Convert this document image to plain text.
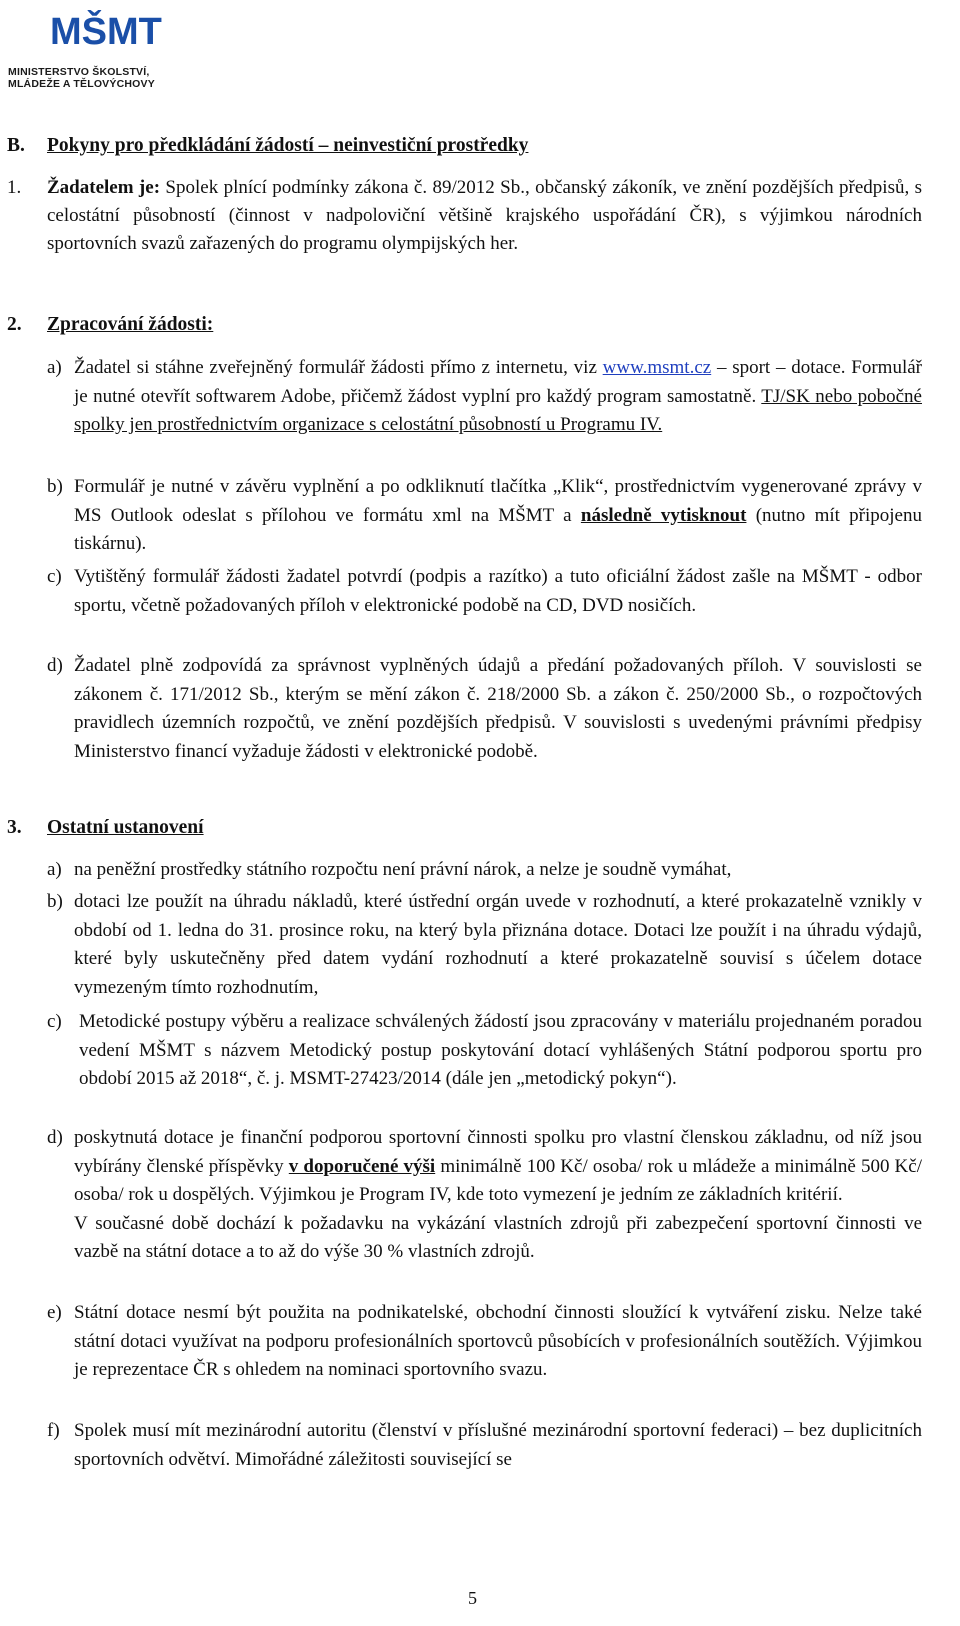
MŠMT
MINISTERSTVO ŠKOLSTVÍ,
MLÁDEŽE A TĚLOVÝCHOVY
B. Pokyny pro předkládání žádostí – neinvestiční prostředky
1.	Žadatelem je: Spolek plnící podmínky zákona č. 89/2012 Sb., občanský zákoník, ve znění pozdějších předpisů, s celostátní působností (činnost v nadpoloviční většině krajského uspořádání ČR), s výjimkou národních sportovních svazů zařazených do programu olympijských her.
2. Zpracování žádosti:
a) Žadatel si stáhne zveřejněný formulář žádosti přímo z internetu, viz www.msmt.cz – sport – dotace. Formulář je nutné otevřít softwarem Adobe, přičemž žádost vyplní pro každý program samostatně. TJ/SK nebo pobočné spolky jen prostřednictvím organizace s celostátní působností u Programu IV.
b) Formulář je nutné v závěru vyplnění a po odkliknutí tlačítka „Klik“, prostřednictvím vygenerované zprávy v MS Outlook odeslat s přílohou ve formátu xml na MŠMT a následně vytisknout (nutno mít připojenu tiskárnu).
c) Vytištěný formulář žádosti žadatel potvrdí (podpis a razítko) a tuto oficiální žádost zašle na MŠMT - odbor sportu, včetně požadovaných příloh v elektronické podobě na CD, DVD nosičích.
d) Žadatel plně zodpovídá za správnost vyplněných údajů a předání požadovaných příloh. V souvislosti se zákonem č. 171/2012 Sb., kterým se mění zákon č. 218/2000 Sb. a zákon č. 250/2000 Sb., o rozpočtových pravidlech územních rozpočtů, ve znění pozdějších předpisů. V souvislosti s uvedenými právními předpisy Ministerstvo financí vyžaduje žádosti v elektronické podobě.
3. Ostatní ustanovení
a) na peněžní prostředky státního rozpočtu není právní nárok, a nelze je soudně vymáhat,
b) dotaci lze použít na úhradu nákladů, které ústřední orgán uvede v rozhodnutí, a které prokazatelně vznikly v období od 1. ledna do 31. prosince roku, na který byla přiznána dotace. Dotaci lze použít i na úhradu výdajů, které byly uskutečněny před datem vydání rozhodnutí a které prokazatelně souvisí s účelem dotace vymezeným tímto rozhodnutím,
c) Metodické postupy výběru a realizace schválených žádostí jsou zpracovány v materiálu projednaném poradou vedení MŠMT s názvem Metodický postup poskytování dotací vyhlášených Státní podporou sportu pro období 2015 až 2018“, č. j. MSMT-27423/2014 (dále jen „metodický pokyn“).
d) poskytnutá dotace je finanční podporou sportovní činnosti spolku pro vlastní členskou základnu, od níž jsou vybírány členské příspěvky v doporučené výši minimálně 100 Kč/ osoba/ rok u mládeže a minimálně 500 Kč/ osoba/ rok u dospělých. Výjimkou je Program IV, kde toto vymezení je jedním ze základních kritérií.
V současné době dochází k požadavku na vykázání vlastních zdrojů při zabezpečení sportovní činnosti ve vazbě na státní dotace a to až do výše 30 % vlastních zdrojů.
e) Státní dotace nesmí být použita na podnikatelské, obchodní činnosti sloužící k vytváření zisku. Nelze také státní dotaci využívat na podporu profesionálních sportovců působících v profesionálních soutěžích. Výjimkou je reprezentace ČR s ohledem na nominaci sportovního svazu.
f) Spolek musí mít mezinárodní autoritu (členství v příslušné mezinárodní sportovní federaci) – bez duplicitních sportovních odvětví. Mimořádné záležitosti související se
5
